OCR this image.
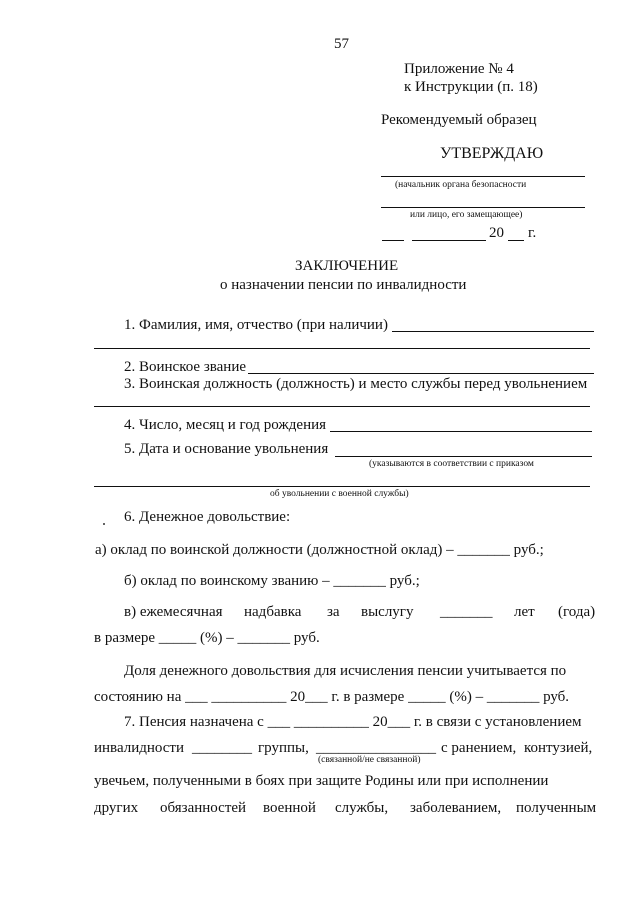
57
Приложение № 4
к Инструкции (п. 18)
Рекомендуемый образец
УТВЕРЖДАЮ
(начальник органа безопасности
или лицо, его замещающее)
20 г.
ЗАКЛЮЧЕНИЕ
о назначении пенсии по инвалидности
1. Фамилия, имя, отчество (при наличии)
2. Воинское звание
3. Воинская должность (должность) и место службы перед увольнением
4. Число, месяц и год рождения
5. Дата и основание увольнения
(указываются в соответствии с приказом
об увольнении с военной службы)
6. Денежное довольствие:
а) оклад по воинской должности (должностной оклад) – _______ руб.;
б) оклад по воинскому званию – _______ руб.;
в) ежемесячная надбавка за выслугу _______ лет (года)
в размере _____ (%) – _______ руб.
Доля денежного довольствия для исчисления пенсии учитывается по
состоянию на ___ __________ 20___ г. в размере _____ (%) – _______ руб.
7. Пенсия назначена с ___ __________ 20___ г. в связи с установлением
инвалидности ________ группы, ________________ с ранением, контузией,
(связанной/не связанной)
увечьем, полученными в боях при защите Родины или при исполнении
других обязанностей военной службы, заболеванием, полученным
